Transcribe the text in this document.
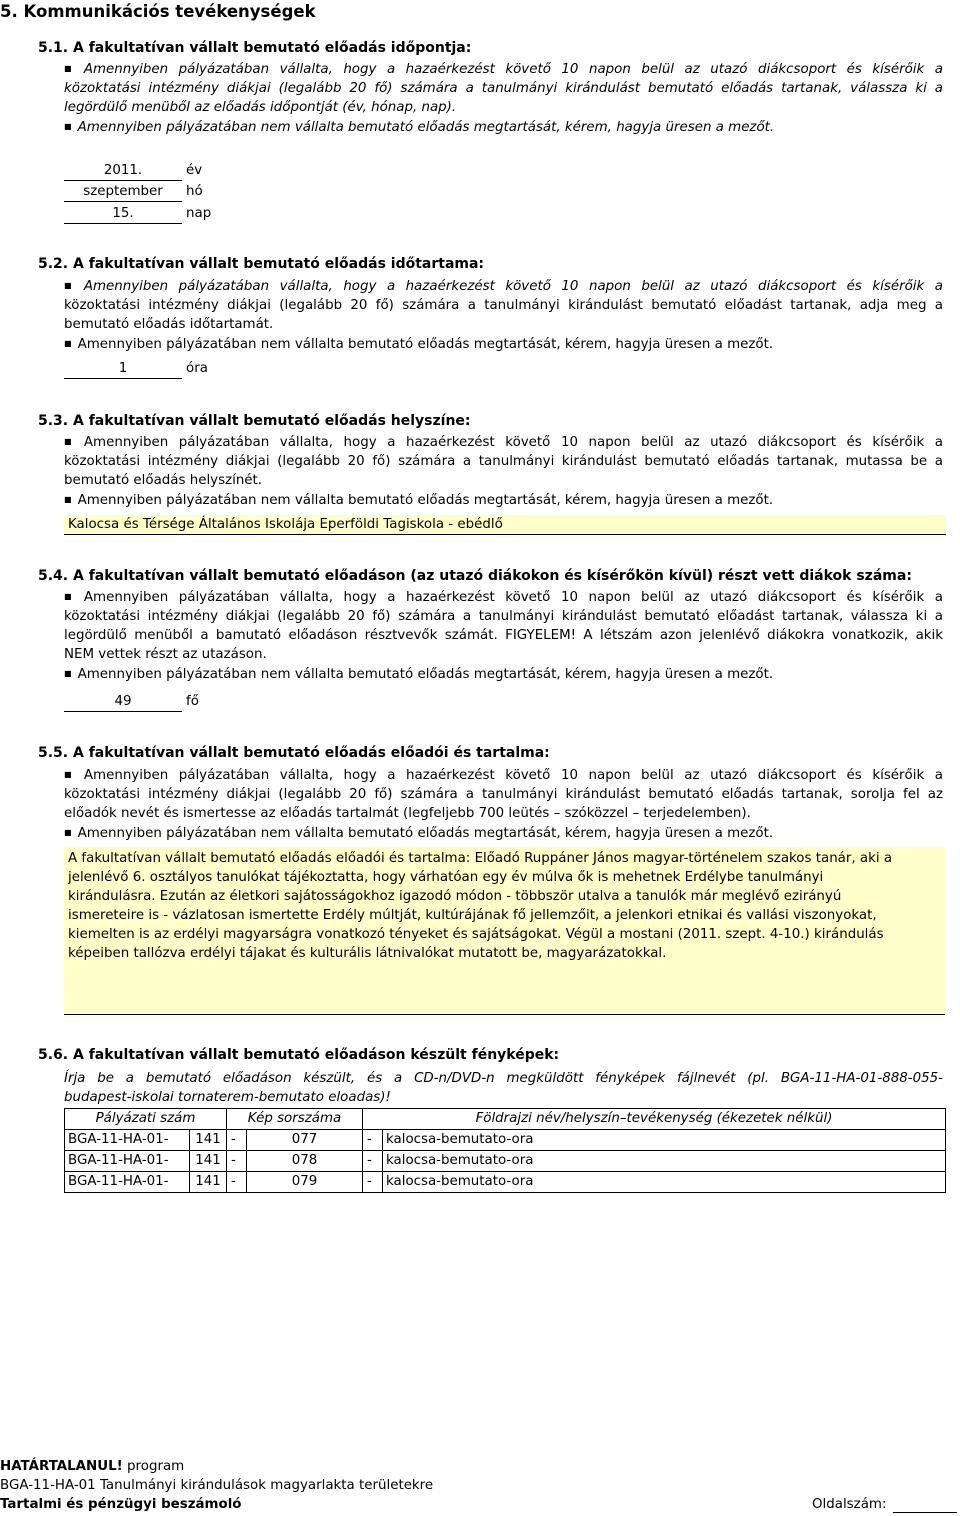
5. Kommunikációs tevékenységek
5.1. A fakultatívan vállalt bemutató előadás időpontja:
■ Amennyiben pályázatában vállalta, hogy a hazaérkezést követő 10 napon belül az utazó diákcsoport és kísérőik a
közoktatási intézmény diákjai (legalább 20 fő) számára a tanulmányi kirándulást bemutató előadás tartanak, válassza ki a
legördülő menüből az előadás időpontját (év, hónap, nap).
■ Amennyiben pályázatában nem vállalta bemutató előadás megtartását, kérem, hagyja üresen a mezőt.
2011.	év
szeptember	hó
15.	nap
5.2. A fakultatívan vállalt bemutató előadás időtartama:
■ Amennyiben pályázatában vállalta, hogy a hazaérkezést követő 10 napon belül az utazó diákcsoport és kísérőik a
közoktatási intézmény diákjai (legalább 20 fő) számára a tanulmányi kirándulást bemutató előadást tartanak, adja meg a
bemutató előadás időtartamát.
■ Amennyiben pályázatában nem vállalta bemutató előadás megtartását, kérem, hagyja üresen a mezőt.
1	óra
5.3. A fakultatívan vállalt bemutató előadás helyszíne:
■ Amennyiben pályázatában vállalta, hogy a hazaérkezést követő 10 napon belül az utazó diákcsoport és kísérőik a
közoktatási intézmény diákjai (legalább 20 fő) számára a tanulmányi kirándulást bemutató előadás tartanak, mutassa be a
bemutató előadás helyszínét.
■ Amennyiben pályázatában nem vállalta bemutató előadás megtartását, kérem, hagyja üresen a mezőt.
Kalocsa és Térsége Általános Iskolája Eperföldi Tagiskola - ebédlő
5.4. A fakultatívan vállalt bemutató előadáson (az utazó diákokon és kísérőkön kívül) részt vett diákok száma:
■ Amennyiben pályázatában vállalta, hogy a hazaérkezést követő 10 napon belül az utazó diákcsoport és kísérőik a
közoktatási intézmény diákjai (legalább 20 fő) számára a tanulmányi kirándulást bemutató előadást tartanak, válassza ki a
legördülő menüből a bamutató előadáson résztvevők számát. FIGYELEM! A létszám azon jelenlévő diákokra vonatkozik, akik
NEM vettek részt az utazáson.
■ Amennyiben pályázatában nem vállalta bemutató előadás megtartását, kérem, hagyja üresen a mezőt.
49	fő
5.5. A fakultatívan vállalt bemutató előadás előadói és tartalma:
■ Amennyiben pályázatában vállalta, hogy a hazaérkezést követő 10 napon belül az utazó diákcsoport és kísérőik a
közoktatási intézmény diákjai (legalább 20 fő) számára a tanulmányi kirándulást bemutató előadás tartanak, sorolja fel az
előadók nevét és ismertesse az előadás tartalmát (legfeljebb 700 leütés – szóközzel – terjedelemben).
■ Amennyiben pályázatában nem vállalta bemutató előadás megtartását, kérem, hagyja üresen a mezőt.
A fakultatívan vállalt bemutató előadás előadói és tartalma: Előadó Ruppáner János magyar-történelem szakos tanár, aki a
jelenlévő 6. osztályos tanulókat tájékoztatta, hogy várhatóan egy év múlva ők is mehetnek Erdélybe tanulmányi
kirándulásra. Ezután az életkori sajátosságokhoz igazodó módon - többször utalva a tanulók már meglévő ezirányú
ismereteire is - vázlatosan ismertette Erdély múltját, kultúrájának fő jellemzőit, a jelenkori etnikai és vallási viszonyokat,
kiemelten is az erdélyi magyarságra vonatkozó tényeket és sajátságokat. Végül a mostani (2011. szept. 4-10.) kirándulás
képeiben tallózva erdélyi tájakat és kulturális látnivalókat mutatott be, magyarázatokkal.
5.6. A fakultatívan vállalt bemutató előadáson készült fényképek:
Írja be a bemutató előadáson készült, és a CD-n/DVD-n megküldött fényképek fájlnevét (pl. BGA-11-HA-01-888-055-
budapest-iskolai tornaterem-bemutato eloadas)!
Pályázati szám		Kép sorszáma		Földrajzi név/helyszín–tevékenység (ékezetek nélkül)	
BGA-11-HA-01-	141	-	077	-	kalocsa-bemutato-ora
BGA-11-HA-01-	141	-	078	-	kalocsa-bemutato-ora
BGA-11-HA-01-	141	-	079	-	kalocsa-bemutato-ora
HATÁRTALANUL! program
BGA-11-HA-01 Tanulmányi kirándulások magyarlakta területekre
Tartalmi és pénzügyi beszámoló	Oldalszám:
